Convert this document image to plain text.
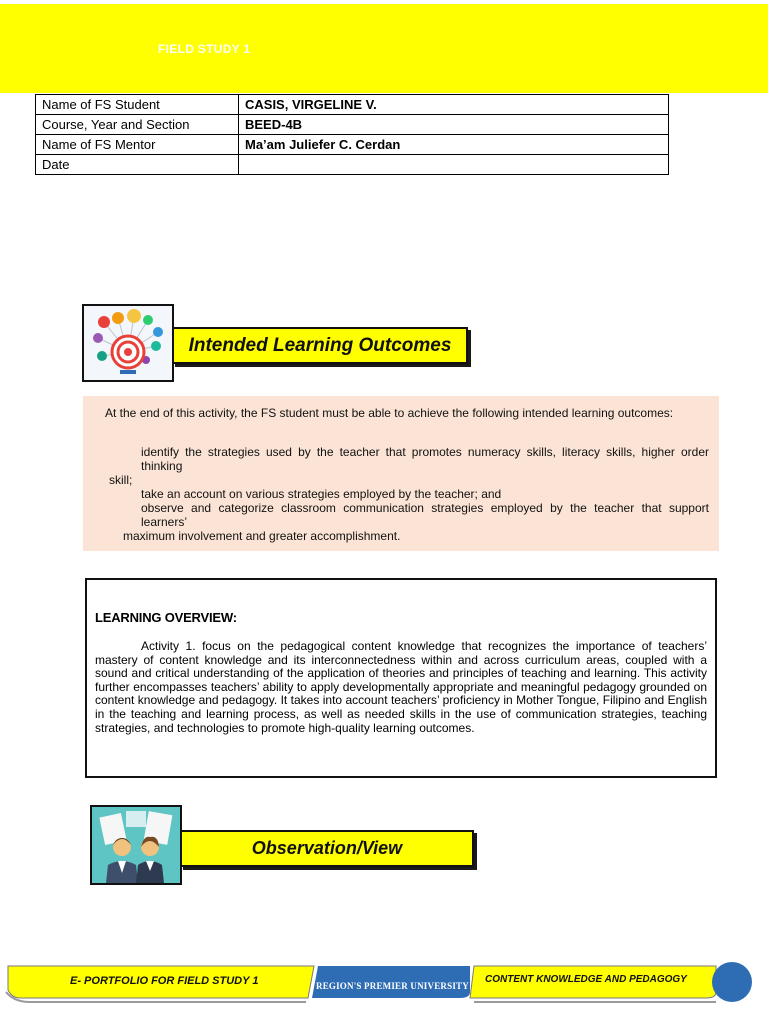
FIELD STUDY 1
Name of FS Student	CASIS, VIRGELINE V.
Course, Year and Section	BEED-4B
Name of FS Mentor	Ma’am Juliefer C. Cerdan
Date	
Intended Learning Outcomes
At the end of this activity, the FS student must be able to achieve the following intended learning outcomes:
identify the strategies used by the teacher that promotes numeracy skills, literacy skills, higher order thinking
skill;
take an account on various strategies employed by the teacher; and
observe and categorize classroom communication strategies employed by the teacher that support learners’
maximum involvement and greater accomplishment.
LEARNING OVERVIEW:
Activity 1. focus on the pedagogical content knowledge that recognizes the importance of teachers’ mastery of content knowledge and its interconnectedness within and across curriculum areas, coupled with a sound and critical understanding of the application of theories and principles of teaching and learning. This activity further encompasses teachers’ ability to apply developmentally appropriate and meaningful pedagogy grounded on content knowledge and pedagogy. It takes into account teachers’ proficiency in Mother Tongue, Filipino and English in the teaching and learning process, as well as needed skills in the use of communication strategies, teaching strategies, and technologies to promote high-quality learning outcomes.
Observation/View
E- PORTFOLIO FOR FIELD STUDY 1	REGION'S PREMIER UNIVERSITY
CONTENT KNOWLEDGE AND PEDAGOGY
